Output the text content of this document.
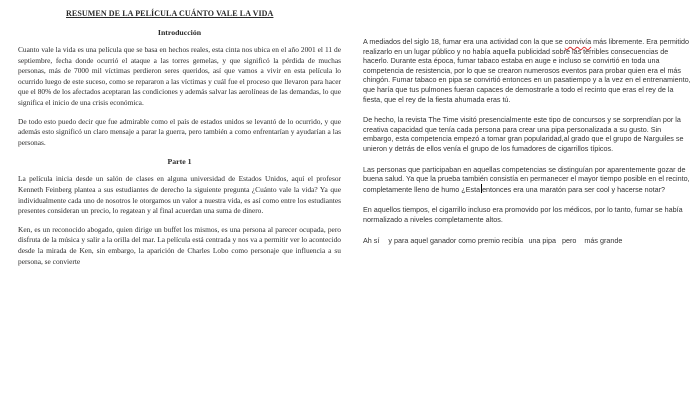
RESUMEN DE LA PELÍCULA CUÁNTO VALE LA VIDA
Introducción

Cuanto vale la vida es una película que se basa en hechos reales, esta cinta nos ubica en el año 2001 el 11 de septiembre, fecha donde ocurrió el ataque a las torres gemelas, y que significó la pérdida de muchas personas, más de 7000 mil víctimas perdieron seres queridos, así que vamos a vivir en esta película lo ocurrido luego de este suceso, como se repararon a las víctimas y cuál fue el proceso que llevaron para hacer que el 80% de los afectados aceptaran las condiciones y además salvar las aerolíneas de las demandas, lo que significa el inicio de una crisis económica.

De todo esto puedo decir que fue admirable como el país de estados unidos se levantó de lo ocurrido, y que además esto significó un claro mensaje a parar la guerra, pero también a como enfrentarían y ayudarían a las personas.

Parte 1

La película inicia desde un salón de clases en alguna universidad de Estados Unidos, aquí el profesor Kenneth Feinberg plantea a sus estudiantes de derecho la siguiente pregunta ¿Cuánto vale la vida? Ya que individualmente cada uno de nosotros le otorgamos un valor a nuestra vida, es así como entre los estudiantes presentes consideran un precio, lo regatean y al final acuerdan una suma de dinero.

Ken, es un reconocido abogado, quien dirige un buffet los mismos, es una persona al parecer ocupada, pero disfruta de la música y salir a la orilla del mar. La película está centrada y nos va a permitir ver lo acontecido desde la mirada de Ken, sin embargo, la aparición de Charles Lobo como personaje que influencia a su persona, se convierte

A mediados del siglo 18, fumar era una actividad con la que se convivía más libremente. Era permitido realizarlo en un lugar público y no había aquella publicidad sobre las terribles consecuencias de hacerlo. Durante esta época, fumar tabaco estaba en auge e incluso se convirtió en toda una competencia de resistencia, por lo que se crearon numerosos eventos para probar quien era el más chingón. Fumar tabaco en pipa se convirtió entonces en un pasatiempo y a la vez en el entrenamiento, que haría que tus pulmones fueran capaces de demostrarle a todo el recinto que eras el rey de la fiesta, que el rey de la fiesta ahumada eras tú.

De hecho, la revista The Time visitó presencialmente este tipo de concursos y se sorprendían por la creativa capacidad que tenía cada persona para crear una pipa personalizada a su gusto. Sin embargo, esta competencia empezó a tomar gran popularidad,al grado que el grupo de Narguiles se unieron y detrás de ellos venía el grupo de los fumadores de cigarrillos típicos.

Las personas que participaban en aquellas competencias se distinguían por aparentemente gozar de buena salud. Ya que la prueba también consistía en permanecer el mayor tiempo posible en el recinto, completamente lleno de humo ¿Esta entonces era una maratón para ser cool y hacerse notar?

En aquellos tiempos, el cigarrillo incluso era promovido por los médicos, por lo tanto, fumar se había normalizado a niveles completamente altos.

Ah sí y para aquel ganador como premio recibía una pipa pero más grande
